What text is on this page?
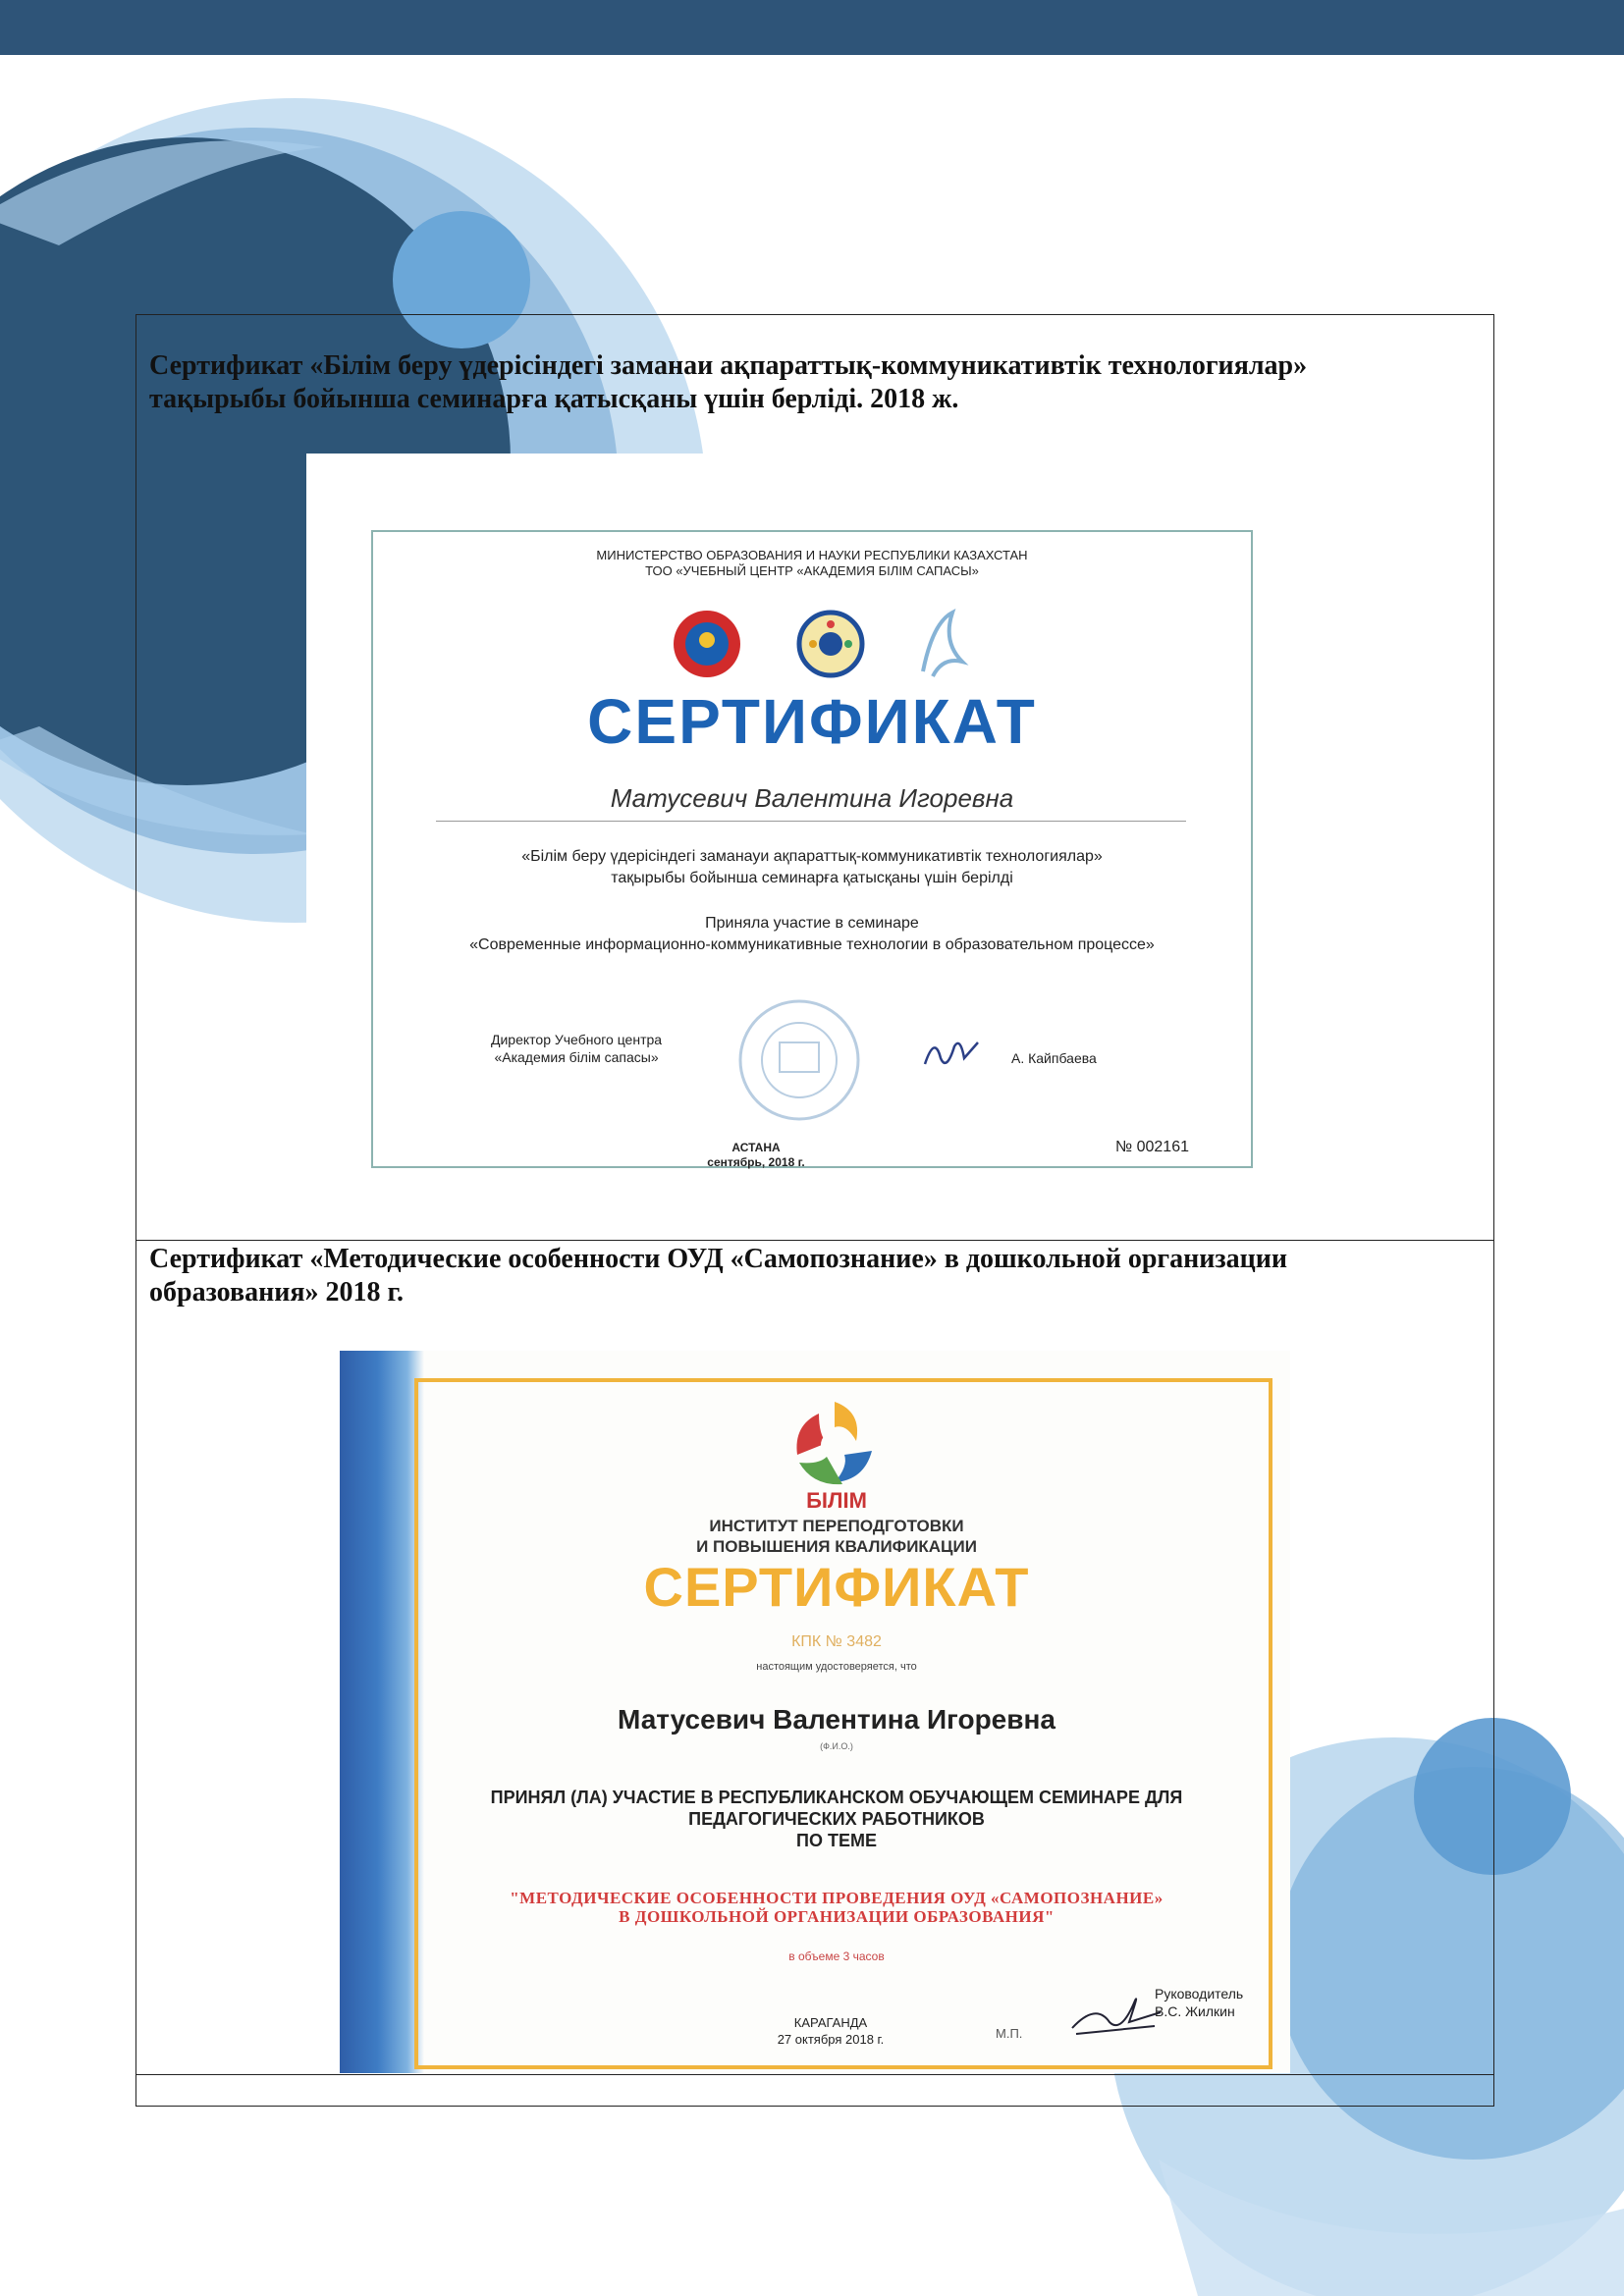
Сертификат «Білім беру үдерісіндегі заманаи ақпараттық-коммуникативтік технологиялар»
тақырыбы бойынша семинарға қатысқаны үшін берліді. 2018 ж.
МИНИСТЕРСТВО ОБРАЗОВАНИЯ И НАУКИ РЕСПУБЛИКИ КАЗАХСТАН
ТОО «УЧЕБНЫЙ ЦЕНТР «АКАДЕМИЯ БІЛІМ САПАСЫ»
СЕРТИФИКАТ
Матусевич Валентина Игоревна
«Білім беру үдерісіндегі заманауи ақпараттық-коммуникативтік технологиялар»
тақырыбы бойынша семинарға қатысқаны үшін берілді
Приняла участие в семинаре
«Современные информационно-коммуникативные технологии в образовательном процессе»
Директор Учебного центра
«Академия білім сапасы»	А. Кайпбаева
АСТАНА
сентябрь, 2018 г.
№ 002161
Сертификат «Методические особенности ОУД «Самопознание» в дошкольной организации
образования» 2018 г.
БІЛІМ
ИНСТИТУТ ПЕРЕПОДГОТОВКИ
И ПОВЫШЕНИЯ КВАЛИФИКАЦИИ
СЕРТИФИКАТ
КПК № 3482
настоящим удостоверяется, что
Матусевич Валентина Игоревна
(Ф.И.О.)
ПРИНЯЛ (ЛА) УЧАСТИЕ В РЕСПУБЛИКАНСКОМ ОБУЧАЮЩЕМ СЕМИНАРЕ ДЛЯ
ПЕДАГОГИЧЕСКИХ РАБОТНИКОВ
ПО ТЕМЕ
"МЕТОДИЧЕСКИЕ ОСОБЕННОСТИ ПРОВЕДЕНИЯ ОУД «САМОПОЗНАНИЕ»
В ДОШКОЛЬНОЙ ОРГАНИЗАЦИИ ОБРАЗОВАНИЯ"
в объеме 3 часов
КАРАГАНДА
27 октября 2018 г.	М.П.
Руководитель
В.С. Жилкин
